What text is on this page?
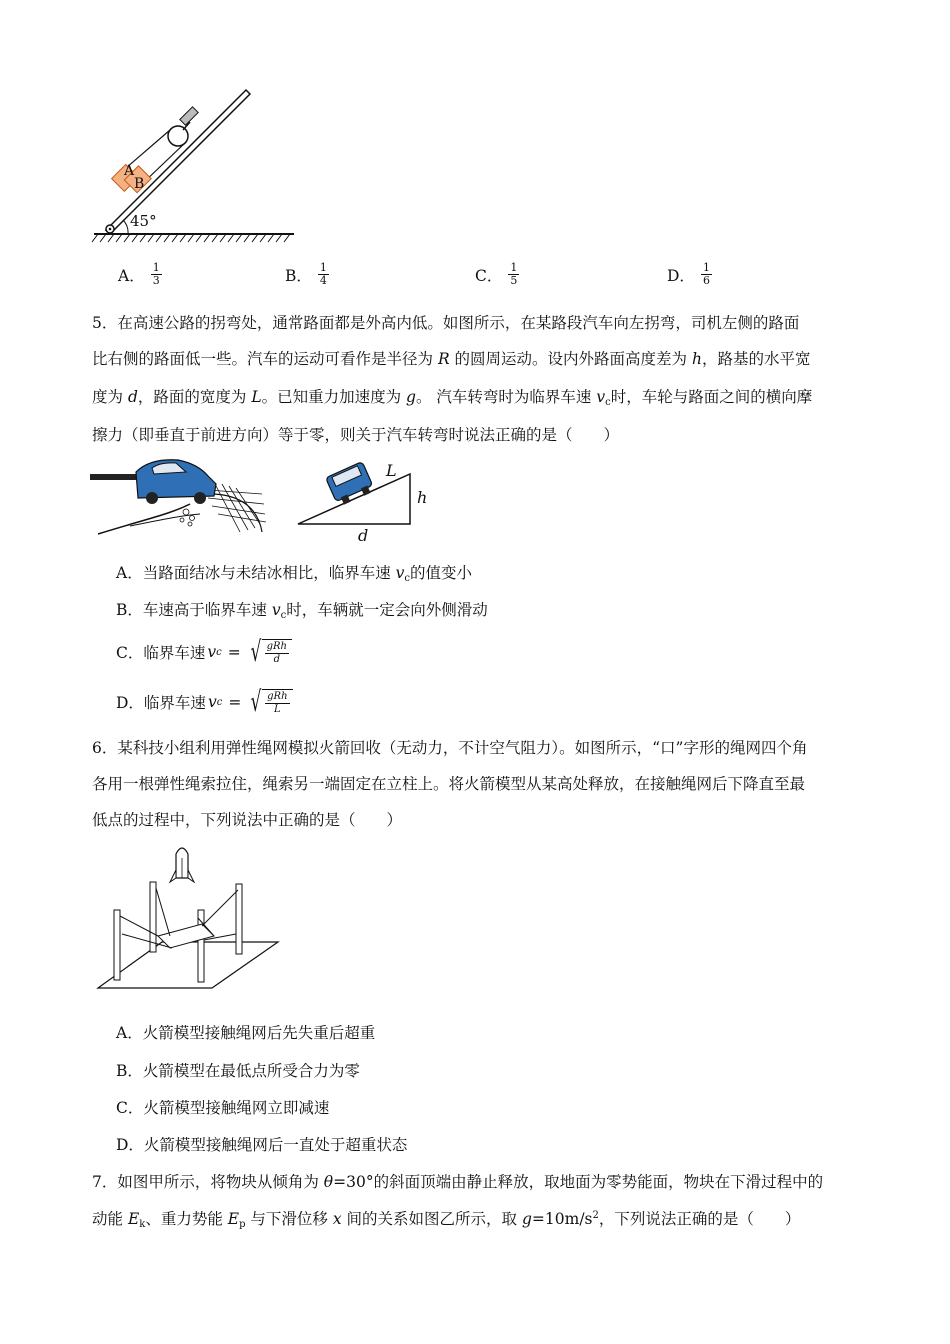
A
B
45°
A． $\frac{1}{3}$	B． $\frac{1}{4}$	C． $\frac{1}{5}$	D． $\frac{1}{6}$
5．在高速公路的拐弯处，通常路面都是外高内低。如图所示，在某路段汽车向左拐弯，司机左侧的路面
比右侧的路面低一些。汽车的运动可看作是半径为 R 的圆周运动。设内外路面高度差为 h，路基的水平宽
度为 d，路面的宽度为 L。已知重力加速度为 g。 汽车转弯时为临界车速 $v_c$时，车轮与路面之间的横向摩
擦力（即垂直于前进方向）等于零，则关于汽车转弯时说法正确的是（　　）
L
h
d
A．当路面结冰与未结冰相比，临界车速 $v_c$的值变小
B．车速高于临界车速 $v_c$时，车辆就一定会向外侧滑动
C．临界车速 v c = √ gRh
d
D．临界车速 v c = √ gRh
L
6．某科技小组利用弹性绳网模拟火箭回收（无动力，不计空气阻力）。如图所示，“口”字形的绳网四个角
各用一根弹性绳索拉住，绳索另一端固定在立柱上。将火箭模型从某高处释放，在接触绳网后下降直至最
低点的过程中，下列说法中正确的是（　　）
A．火箭模型接触绳网后先失重后超重
B．火箭模型在最低点所受合力为零
C．火箭模型接触绳网立即减速
D．火箭模型接触绳网后一直处于超重状态
7．如图甲所示，将物块从倾角为 θ=30°的斜面顶端由静止释放，取地面为零势能面，物块在下滑过程中的
动能 $E_k$、重力势能 $E_p$ 与下滑位移 x 间的关系如图乙所示，取 $g=10m/s^2$，下列说法正确的是（　　）
